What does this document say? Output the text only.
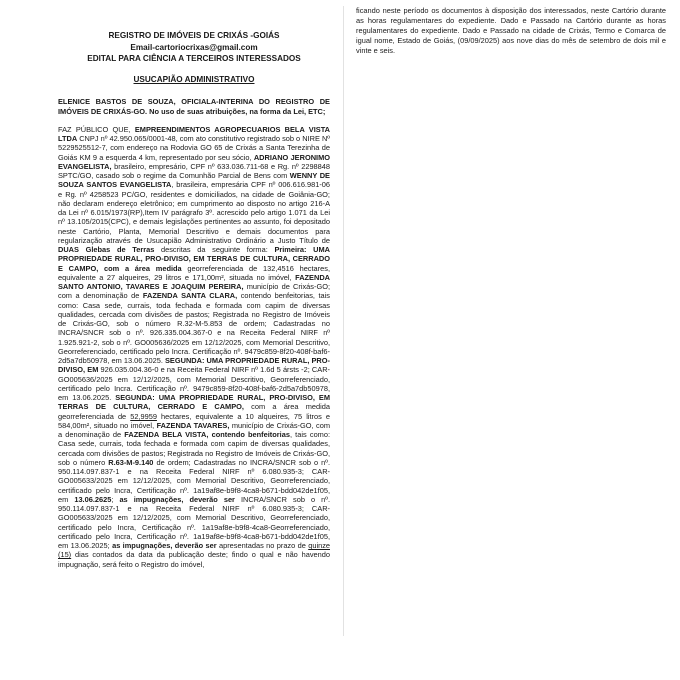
REGISTRO DE IMÓVEIS DE CRIXÁS -GOIÁS
Email-cartoriocrixas@gmail.com
EDITAL PARA CIÊNCIA A TERCEIROS INTERESSADOS
USUCAPIÃO ADMINISTRATIVO

ELENICE BASTOS DE SOUZA, OFICIALA-INTERINA DO REGISTRO DE IMÓVEIS DE CRIXÁS-GO. No uso de suas atribuições, na forma da Lei, ETC;

FAZ PÚBLICO QUE, EMPREENDIMENTOS AGROPECUARIOS BELA VISTA LTDA CNPJ nº 42.950.065/0001-48, com ato constitutivo registrado sob o NIRE Nº 5229525512-7, com endereço na Rodovia GO 65 de Crixás a Santa Terezinha de Goiás KM 9 a esquerda 4 km, representado por seu sócio, ADRIANO JERONIMO EVANGELISTA, brasileiro, empresário, CPF nº 633.036.711-68 e Rg. nº 2298848 SPTC/GO, casado sob o regime da Comunhão Parcial de Bens com WENNY DE SOUZA SANTOS EVANGELISTA, brasileira, empresária CPF nº 006.616.981-06 e Rg. nº 4258523 PC/GO, residentes e domiciliados, na cidade de Goiânia-GO; não declaram endereço eletrônico; em cumprimento ao disposto no artigo 216-A da Lei nº 6.015/1973(RP),Item IV parágrafo 3º. acrescido pelo artigo 1.071 da Lei nº 13.105/2015(CPC), e demais legislações pertinentes ao assunto, foi depositado neste Cartório, Planta, Memorial Descritivo e demais documentos para regularização através de Usucapião Administrativo Ordinário a Justo Título de DUAS Glebas de Terras descritas da seguinte forma: Primeira: UMA PROPRIEDADE RURAL, PRO-DIVISO, EM TERRAS DE CULTURA, CERRADO E CAMPO, com a área medida georreferenciada de 132,4516 hectares, equivalente a 27 alqueires, 29 litros e 171,00m², situada no imóvel, FAZENDA SANTO ANTONIO, TAVARES E JOAQUIM PEREIRA, município de Crixás-GO; com a denominação de FAZENDA SANTA CLARA, contendo benfeitorias, tais como: Casa sede, currais, toda fechada e formada com capim de diversas qualidades, cercada com divisões de pastos; Registrada no Registro de Imóveis de Crixás-GO, sob o número R.32-M-5.853 de ordem; Cadastradas no INCRA/SNCR sob o nº. 926.335.004.367-0 e na Receita Federal NIRF nº 1.925.921-2, sob o nº. GO005636/2025 em 12/12/2025, com Memorial Descritivo, Georreferenciado, certificado pelo Incra. Certificação nº. 9479c859-8f20-408f-baf6-2d5a7db50978, em 13.06.2025. SEGUNDA: UMA PROPRIEDADE RURAL, PRO-DIVISO, EM 926.035.004.36-0 e na Receita Federal NIRF nº 1.6d 5 ársts -2; CAR-GO005636/2025 em 12/12/2025, com Memorial Descritivo, Georreferenciado, certificado pelo Incra. Certificação nº. 9479c859-8f20-408f-baf6-2d5a7db50978, em 13.06.2025. SEGUNDA: UMA PROPRIEDADE RURAL, PRO-DIVISO, EM TERRAS DE CULTURA, CERRADO E CAMPO, com a área medida georreferenciada de 52,9959 hectares, equivalente a 10 alqueires, 75 litros e 584,00m², situado no imóvel, FAZENDA TAVARES, município de Crixás-GO, com a denominação de FAZENDA BELA VISTA, contendo benfeitorias, tais como: Casa sede, currais, toda fechada e formada com capim de diversas qualidades, cercada com divisões de pastos; Registrada no Registro de Imóveis de Crixás-GO, sob o número R.63-M-9.140 de ordem; Cadastradas no INCRA/SNCR sob o nº. 950.114.097.837-1 e na Receita Federal NIRF nº 6.080.935-3; CAR-GO005633/2025 em 12/12/2025, com Memorial Descritivo, Georreferenciado, certificado pelo Incra, Certificação nº. 1a19af8e-b9f8-4ca8-b671-bdd042de1f05, em 13.06.2625; as impugnações, deverão ser INCRA/SNCR sob o nº. 950.114.097.837-1 e na Receita Federal NIRF nº 6.080.935-3; CAR-GO005633/2025 em 12/12/2025, com Memorial Descritivo, Georreferenciado, certificado pelo Incra, Certificação nº. 1a19af8e-b9f8-4ca8-Georreferenciado, certificado pelo Incra, Certificação nº. 1a19af8e-b9f8-4ca8-b671-bdd042de1f05, em 13.06.2025; as impugnações, deverão ser apresentadas no prazo de quinze (15) dias contados da data da publicação deste; findo o qual e não havendo impugnação, será feito o Registro do imóvel,

ficando neste período os documentos à disposição dos interessados, neste Cartório durante as horas regulamentares do expediente. Dado e Passado na Cartório durante as horas regulamentares do expediente. Dado e Passado na cidade de Crixás, Termo e Comarca de igual nome, Estado de Goiás, (09/09/2025) aos nove dias do mês de setembro de dois mil e vinte e seis.
